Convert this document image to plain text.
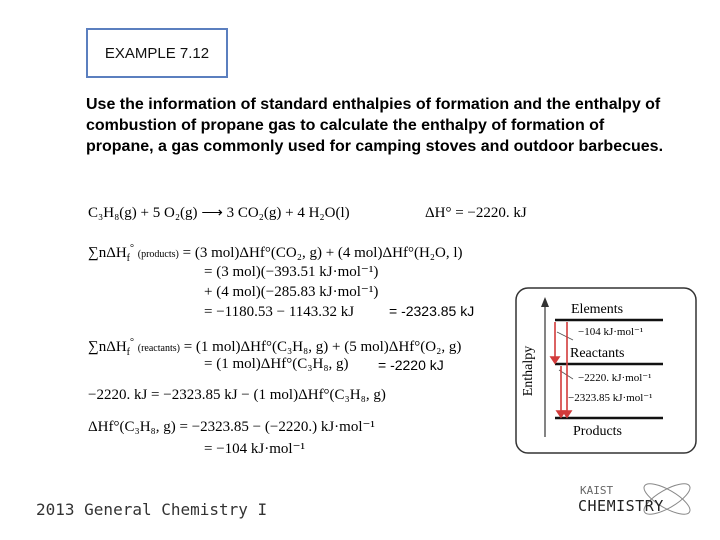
EXAMPLE 7.12
Use the information of standard enthalpies of formation and the enthalpy of combustion of propane gas to calculate the enthalpy of formation of propane, a gas commonly used for camping stoves and outdoor barbecues.
C₃H₈(g) + 5 O₂(g) ⟶ 3 CO₂(g) + 4 H₂O(l)	ΔH° = −2220. kJ
∑nΔH$_f$° (products) = (3 mol)ΔHf°(CO₂, g) + (4 mol)ΔHf°(H₂O, l)
= (3 mol)(−393.51 kJ·mol⁻¹)
+ (4 mol)(−285.83 kJ·mol⁻¹)
= −1180.53 − 1143.32 kJ = -2323.85 kJ
∑nΔH$_f$° (reactants) = (1 mol)ΔHf°(C₃H₈, g) + (5 mol)ΔHf°(O₂, g)
= (1 mol)ΔHf°(C₃H₈, g) = -2220 kJ
−2220. kJ = −2323.85 kJ − (1 mol)ΔHf°(C₃H₈, g)
ΔHf°(C₃H₈, g) = −2323.85 − (−2220.) kJ·mol⁻¹
= −104 kJ·mol⁻¹
Enthalpy
Elements
−104 kJ·mol⁻¹
Reactants
−2220. kJ·mol⁻¹
−2323.85 kJ·mol⁻¹
Products
2013 General Chemistry I
KAIST
CHEMISTRY
